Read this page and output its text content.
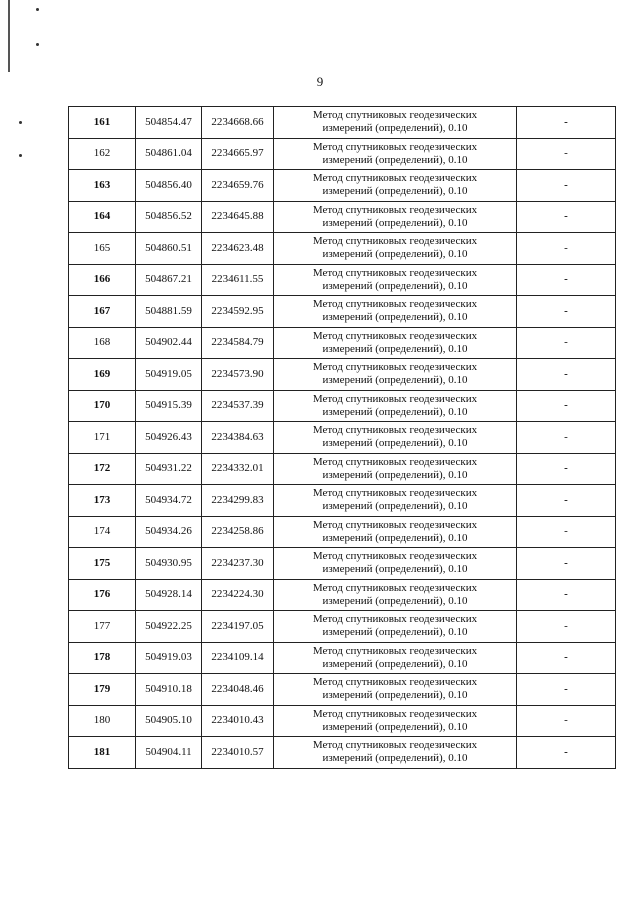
9
161	504854.47	2234668.66	Метод спутниковых геодезических
измерений (определений), 0.10	-
162	504861.04	2234665.97	Метод спутниковых геодезических
измерений (определений), 0.10	-
163	504856.40	2234659.76	Метод спутниковых геодезических
измерений (определений), 0.10	-
164	504856.52	2234645.88	Метод спутниковых геодезических
измерений (определений), 0.10	-
165	504860.51	2234623.48	Метод спутниковых геодезических
измерений (определений), 0.10	-
166	504867.21	2234611.55	Метод спутниковых геодезических
измерений (определений), 0.10	-
167	504881.59	2234592.95	Метод спутниковых геодезических
измерений (определений), 0.10	-
168	504902.44	2234584.79	Метод спутниковых геодезических
измерений (определений), 0.10	-
169	504919.05	2234573.90	Метод спутниковых геодезических
измерений (определений), 0.10	-
170	504915.39	2234537.39	Метод спутниковых геодезических
измерений (определений), 0.10	-
171	504926.43	2234384.63	Метод спутниковых геодезических
измерений (определений), 0.10	-
172	504931.22	2234332.01	Метод спутниковых геодезических
измерений (определений), 0.10	-
173	504934.72	2234299.83	Метод спутниковых геодезических
измерений (определений), 0.10	-
174	504934.26	2234258.86	Метод спутниковых геодезических
измерений (определений), 0.10	-
175	504930.95	2234237.30	Метод спутниковых геодезических
измерений (определений), 0.10	-
176	504928.14	2234224.30	Метод спутниковых геодезических
измерений (определений), 0.10	-
177	504922.25	2234197.05	Метод спутниковых геодезических
измерений (определений), 0.10	-
178	504919.03	2234109.14	Метод спутниковых геодезических
измерений (определений), 0.10	-
179	504910.18	2234048.46	Метод спутниковых геодезических
измерений (определений), 0.10	-
180	504905.10	2234010.43	Метод спутниковых геодезических
измерений (определений), 0.10	-
181	504904.11	2234010.57	Метод спутниковых геодезических
измерений (определений), 0.10	-
